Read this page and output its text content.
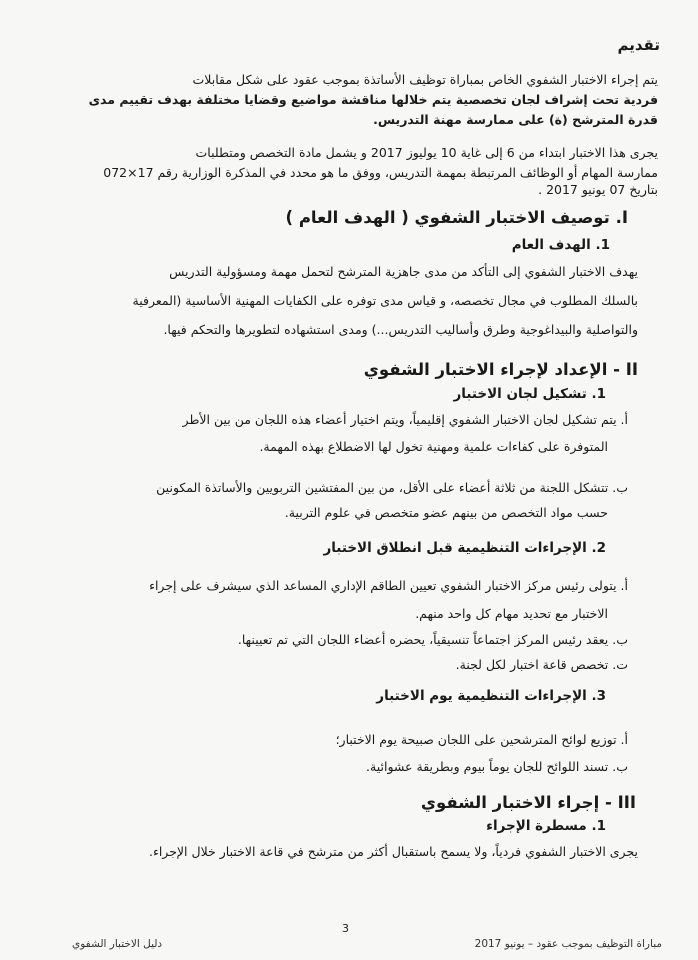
تقديم
يتم إجراء الاختبار الشفوي الخاص بمباراة توظيف الأساتذة بموجب عقود على شكل مقابلات
فردية تحت إشراف لجان تخصصية يتم خلالها مناقشة مواضيع وقضايا مختلفة بهدف تقييم مدى
قدرة المترشح (ة) على ممارسة مهنة التدريس.
يجرى هذا الاختبار ابتداء من 6 إلى غاية 10 يوليوز 2017 و يشمل مادة التخصص ومتطلبات
ممارسة المهام أو الوظائف المرتبطة بمهمة التدريس، ووفق ما هو محدد في المذكرة الوزارية رقم 17×072
بتاريخ 07 يونيو 2017 .
I. توصيف الاختبار الشفوي ( الهدف العام )
1. الهدف العام
يهدف الاختبار الشفوي إلى التأكد من مدى جاهزية المترشح لتحمل مهمة ومسؤولية التدريس
بالسلك المطلوب في مجال تخصصه، و قياس مدى توفره على الكفايات المهنية الأساسية (المعرفية
والتواصلية والبيداغوجية وطرق وأساليب التدريس...) ومدى استشهاده لتطويرها والتحكم فيها.
II - الإعداد لإجراء الاختبار الشفوي
1. تشكيل لجان الاختبار
أ. يتم تشكيل لجان الاختبار الشفوي إقليمياً، ويتم اختيار أعضاء هذه اللجان من بين الأطر
المتوفرة على كفاءات علمية ومهنية تخول لها الاضطلاع بهذه المهمة.
ب. تتشكل اللجنة من ثلاثة أعضاء على الأقل، من بين المفتشين التربويين والأساتذة المكونين
حسب مواد التخصص من بينهم عضو متخصص في علوم التربية.
2. الإجراءات التنظيمية قبل انطلاق الاختبار
أ. يتولى رئيس مركز الاختبار الشفوي تعيين الطاقم الإداري المساعد الذي سيشرف على إجراء
الاختبار مع تحديد مهام كل واحد منهم.
ب. يعقد رئيس المركز اجتماعاً تنسيقياً، يحضره أعضاء اللجان التي تم تعيينها.
ت. تخصص قاعة اختبار لكل لجنة.
3. الإجراءات التنظيمية يوم الاختبار
أ. توزيع لوائح المترشحين على اللجان صبيحة يوم الاختبار؛
ب. تسند اللوائح للجان يوماً بيوم وبطريقة عشوائية.
III - إجراء الاختبار الشفوي
1. مسطرة الإجراء
يجرى الاختبار الشفوي فردياً، ولا يسمح باستقبال أكثر من مترشح في قاعة الاختبار خلال الإجراء.
3
مباراة التوظيف بموجب عقود – يونيو 2017
دليل الاختبار الشفوي
